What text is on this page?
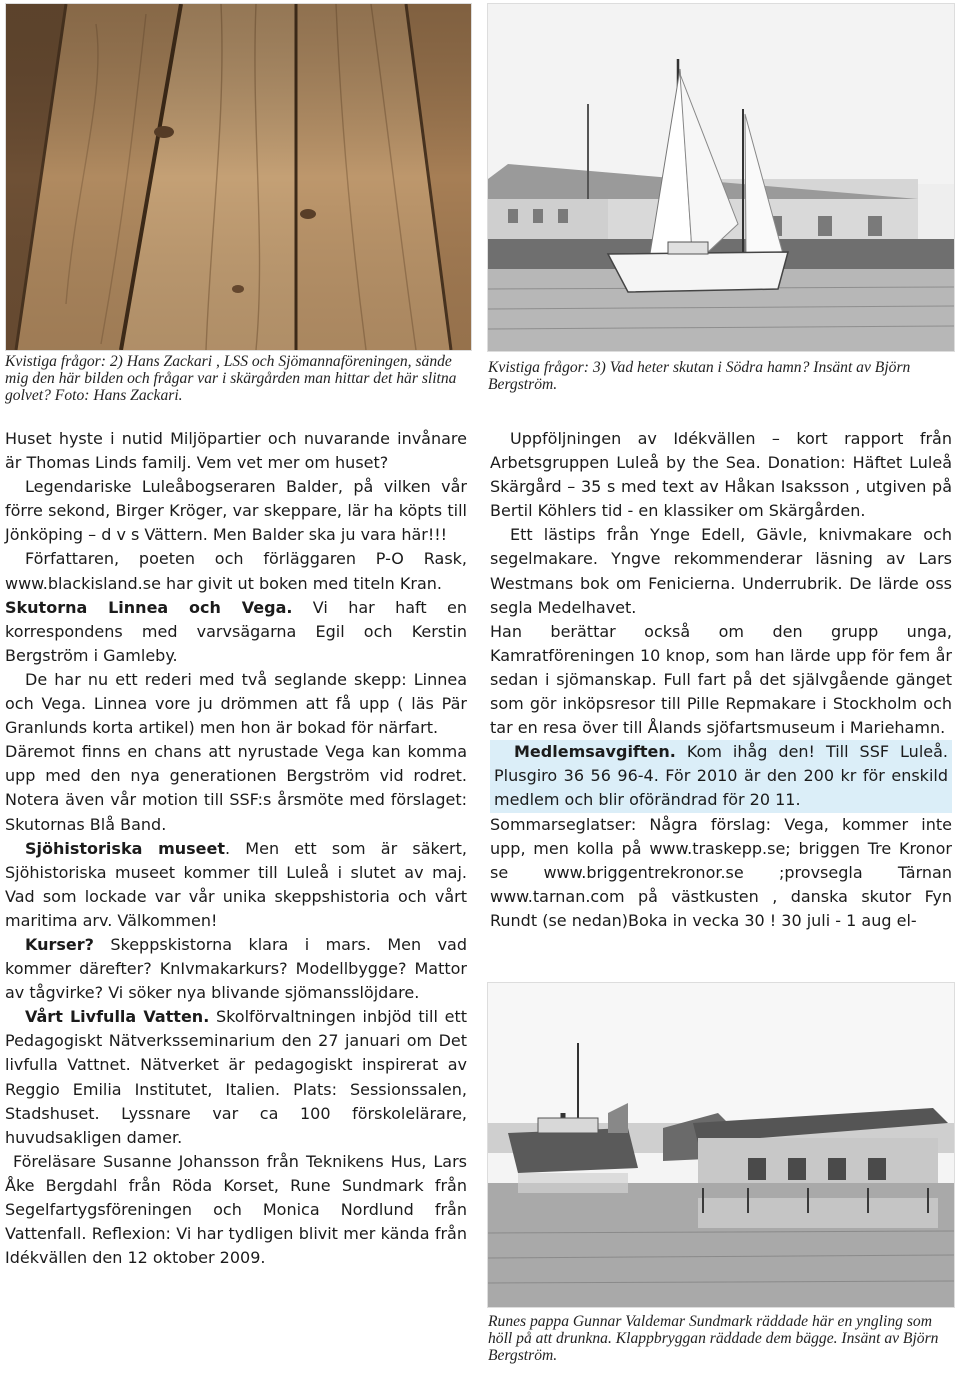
Kvistiga frågor: 2) Hans Zackari , LSS och Sjömannaföreningen, sände mig den här bilden och frågar var i skärgården man hittar det här slitna golvet? Foto: Hans Zackari.

Kvistiga frågor: 3) Vad heter skutan i Södra hamn? Insänt av Björn Bergström.

Huset hyste i nutid Miljöpartier och nuvarande invånare är Thomas Linds familj. Vem vet mer om huset?

Legendariske Luleåbogseraren Balder, på vilken vår förre sekond, Birger Kröger, var skeppare, lär ha köpts till Jönköping – d v s Vättern. Men Balder ska ju vara här!!!

Författaren, poeten och förläggaren P-O Rask, www.blackisland.se har givit ut boken med titeln Kran.

Skutorna Linnea och Vega. Vi har haft en korrespondens med varvsägarna Egil och Kerstin Bergström i Gamleby.

De har nu ett rederi med två seglande skepp: Linnea och Vega. Linnea vore ju drömmen att få upp ( läs Pär Granlunds korta artikel) men hon är bokad för närfart.

Däremot finns en chans att nyrustade Vega kan komma upp med den nya generationen Bergström vid rodret. Notera även vår motion till SSF:s årsmöte med förslaget: Skutornas Blå Band.

Sjöhistoriska museet. Men ett som är säkert, Sjöhistoriska museet kommer till Luleå i slutet av maj. Vad som lockade var vår unika skeppshistoria och vårt maritima arv. Välkommen!

Kurser? Skeppskistorna klara i mars. Men vad kommer därefter? KnIvmakarkurs? Modellbygge? Mattor av tågvirke? Vi söker nya blivande sjömansslöjdare.

Vårt Livfulla Vatten. Skolförvaltningen inbjöd till ett Pedagogiskt Nätverksseminarium den 27 januari om Det livfulla Vattnet. Nätverket är pedagogiskt inspirerat av Reggio Emilia Institutet, Italien. Plats: Sessionssalen, Stadshuset. Lyssnare var ca 100 förskolelärare, huvudsakligen damer.

Föreläsare Susanne Johansson från Teknikens Hus, Lars Åke Bergdahl från Röda Korset, Rune Sundmark från Segelfartygsföreningen och Monica Nordlund från Vattenfall. Reflexion: Vi har tydligen blivit mer kända från Idékvällen den 12 oktober 2009.

Uppföljningen av Idékvällen – kort rapport från Arbetsgruppen Luleå by the Sea. Donation: Häftet Luleå Skärgård – 35 s med text av Håkan Isaksson , utgiven på Bertil Köhlers tid - en klassiker om Skärgården.

Ett lästips från Ynge Edell, Gävle, knivmakare och segelmakare. Yngve rekommenderar läsning av Lars Westmans bok om Fenicierna. Underrubrik. De lärde oss segla Medelhavet.

Han berättar också om den grupp unga, Kamratföreningen 10 knop, som han lärde upp för fem år sedan i sjömanskap. Full fart på det självgående gänget som gör inköpsresor till Pille Repmakare i Stockholm och tar en resa över till Ålands sjöfartsmuseum i Mariehamn.

Medlemsavgiften. Kom ihåg den! Till SSF Luleå. Plusgiro 36 56 96-4. För 2010 är den 200 kr för enskild medlem och blir oförändrad för 20 11.

Sommarseglatser: Några förslag: Vega, kommer inte upp, men kolla på www.traskepp.se; briggen Tre Kronor se www.briggentrekronor.se ;provsegla Tärnan www.tarnan.com på västkusten , danska skutor Fyn Rundt (se nedan)Boka in vecka 30 ! 30 juli - 1 aug el-

Runes pappa Gunnar Valdemar Sundmark räddade här en yngling som höll på att drunkna. Klappbryggan räddade dem bägge. Insänt av Björn Bergström.
